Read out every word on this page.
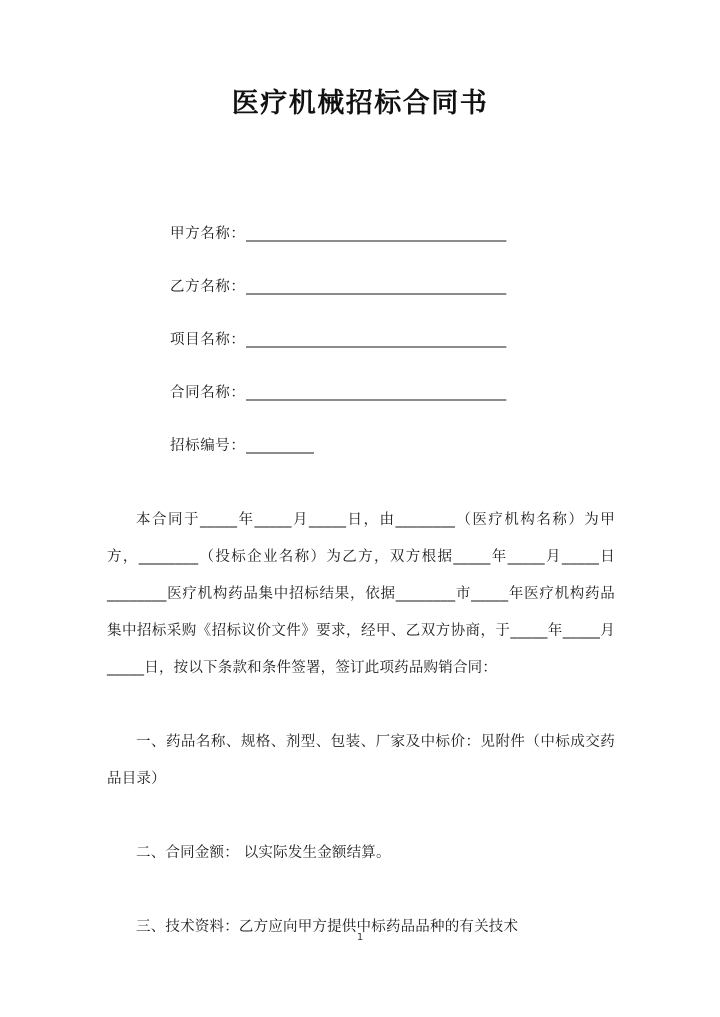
医疗机械招标合同书
甲方名称： ______________________________________
乙方名称： ______________________________________
项目名称： ______________________________________
合同名称： ______________________________________
招标编号： __________

本合同于_____年_____月_____日，由________（医疗机构名称）为甲方，________（投标企业名称）为乙方，双方根据_____年_____月_____日________医疗机构药品集中招标结果，依据________市_____年医疗机构药品集中招标采购《招标议价文件》要求，经甲、乙双方协商，于_____年_____月_____日，按以下条款和条件签署，签订此项药品购销合同：

一、药品名称、规格、剂型、包装、厂家及中标价：见附件（中标成交药品目录）

二、合同金额： 以实际发生金额结算。

三、技术资料：乙方应向甲方提供中标药品品种的有关技术

1
